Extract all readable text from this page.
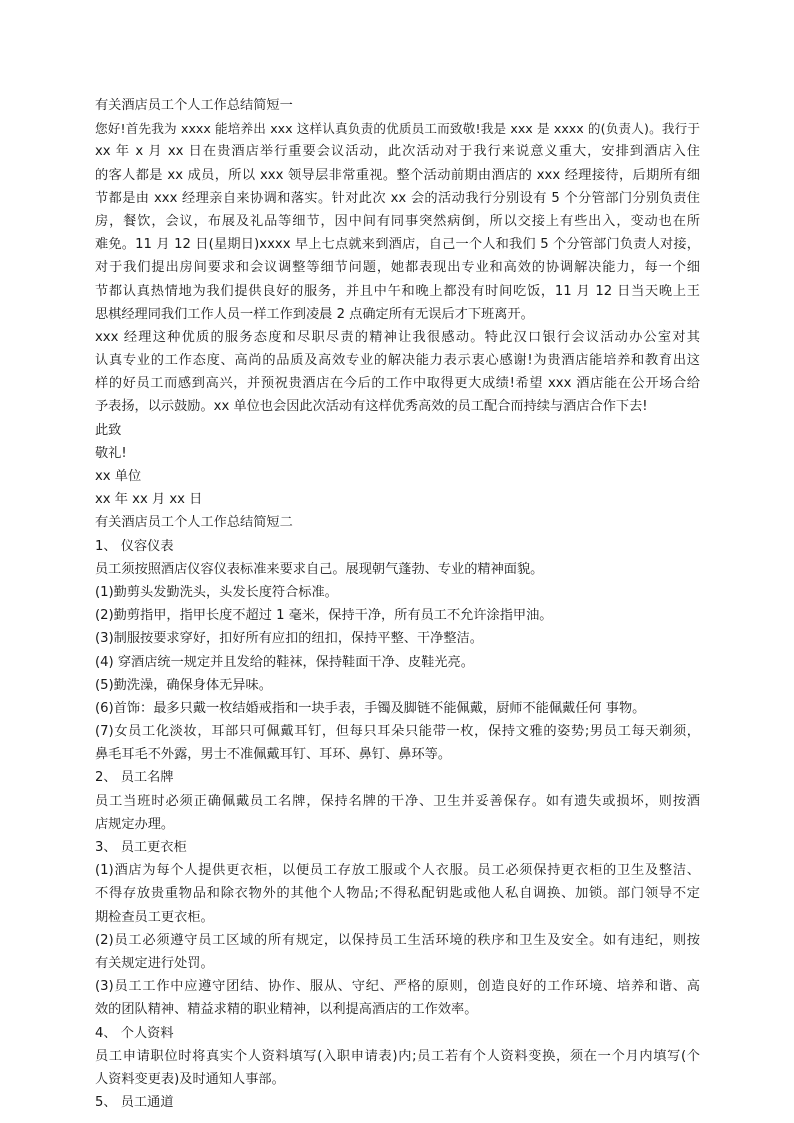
有关酒店员工个人工作总结简短一
您好!首先我为 xxxx 能培养出 xxx 这样认真负责的优质员工而致敬!我是 xxx 是 xxxx 的(负责人)。我行于
xx 年 x 月 xx 日在贵酒店举行重要会议活动，此次活动对于我行来说意义重大，安排到酒店入住
的客人都是 xx 成员，所以 xxx 领导层非常重视。整个活动前期由酒店的 xxx 经理接待，后期所有细
节都是由 xxx 经理亲自来协调和落实。针对此次 xx 会的活动我行分别设有 5 个分管部门分别负责住
房，餐饮，会议，布展及礼品等细节，因中间有同事突然病倒，所以交接上有些出入，变动也在所
难免。11 月 12 日(星期日)xxxx 早上七点就来到酒店，自己一个人和我们 5 个分管部门负责人对接，
对于我们提出房间要求和会议调整等细节问题，她都表现出专业和高效的协调解决能力，每一个细
节都认真热情地为我们提供良好的服务，并且中午和晚上都没有时间吃饭，11 月 12 日当天晚上王
思棋经理同我们工作人员一样工作到凌晨 2 点确定所有无误后才下班离开。
xxx 经理这种优质的服务态度和尽职尽责的精神让我很感动。特此汉口银行会议活动办公室对其
认真专业的工作态度、高尚的品质及高效专业的解决能力表示衷心感谢!为贵酒店能培养和教育出这
样的好员工而感到高兴，并预祝贵酒店在今后的工作中取得更大成绩!希望 xxx 酒店能在公开场合给
予表扬，以示鼓励。xx 单位也会因此次活动有这样优秀高效的员工配合而持续与酒店合作下去!
此致
敬礼!
xx 单位
xx 年 xx 月 xx 日
有关酒店员工个人工作总结简短二
1、 仪容仪表
员工须按照酒店仪容仪表标准来要求自己。展现朝气蓬勃、专业的精神面貌。
(1)勤剪头发勤洗头，头发长度符合标准。
(2)勤剪指甲，指甲长度不超过 1 毫米，保持干净，所有员工不允许涂指甲油。
(3)制服按要求穿好，扣好所有应扣的纽扣，保持平整、干净整洁。
(4) 穿酒店统一规定并且发给的鞋袜，保持鞋面干净、皮鞋光亮。
(5)勤洗澡，确保身体无异味。
(6)首饰：最多只戴一枚结婚戒指和一块手表，手镯及脚链不能佩戴，厨师不能佩戴任何 事物。
(7)女员工化淡妆，耳部只可佩戴耳钉，但每只耳朵只能带一枚，保持文雅的姿势;男员工每天剃须，
鼻毛耳毛不外露，男士不准佩戴耳钉、耳环、鼻钉、鼻环等。
2、 员工名牌
员工当班时必须正确佩戴员工名牌，保持名牌的干净、卫生并妥善保存。如有遗失或损坏，则按酒
店规定办理。
3、 员工更衣柜
(1)酒店为每个人提供更衣柜，以便员工存放工服或个人衣服。员工必须保持更衣柜的卫生及整洁、
不得存放贵重物品和除衣物外的其他个人物品;不得私配钥匙或他人私自调换、加锁。部门领导不定
期检查员工更衣柜。
(2)员工必须遵守员工区域的所有规定，以保持员工生活环境的秩序和卫生及安全。如有违纪，则按
有关规定进行处罚。
(3)员工工作中应遵守团结、协作、服从、守纪、严格的原则，创造良好的工作环境、培养和谐、高
效的团队精神、精益求精的职业精神，以利提高酒店的工作效率。
4、 个人资料
员工申请职位时将真实个人资料填写(入职申请表)内;员工若有个人资料变换，须在一个月内填写(个
人资料变更表)及时通知人事部。
5、 员工通道
